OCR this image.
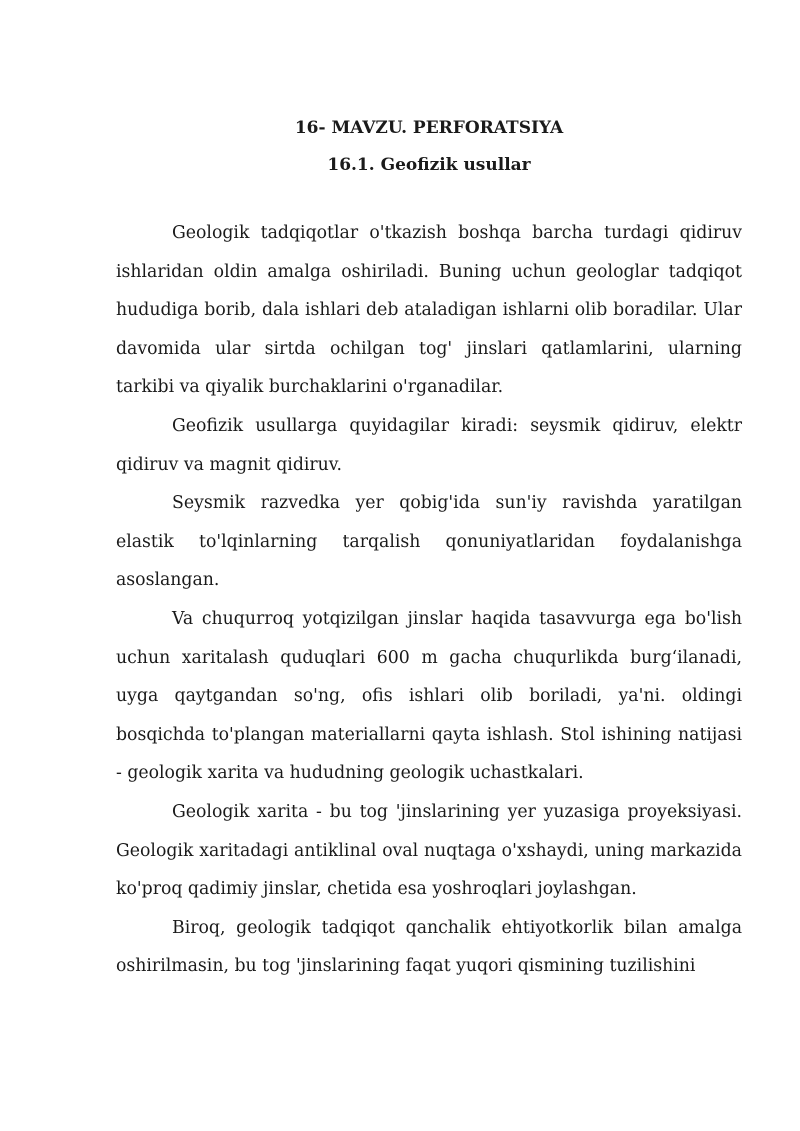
16- MAVZU. PERFORATSIYA
16.1. Geofizik usullar

Geologik tadqiqotlar o'tkazish boshqa barcha turdagi qidiruv ishlaridan oldin amalga oshiriladi. Buning uchun geologlar tadqiqot hududiga borib, dala ishlari deb ataladigan ishlarni olib boradilar. Ular davomida ular sirtda ochilgan tog' jinslari qatlamlarini, ularning tarkibi va qiyalik burchaklarini o'rganadilar.

Geofizik usullarga quyidagilar kiradi: seysmik qidiruv, elektr qidiruv va magnit qidiruv.

Seysmik razvedka yer qobig'ida sun'iy ravishda yaratilgan elastik to'lqinlarning tarqalish qonuniyatlaridan foydalanishga asoslangan.

Va chuqurroq yotqizilgan jinslar haqida tasavvurga ega bo'lish uchun xaritalash quduqlari 600 m gacha chuqurlikda burg‘ilanadi, uyga qaytgandan so'ng, ofis ishlari olib boriladi, ya'ni. oldingi bosqichda to'plangan materiallarni qayta ishlash. Stol ishining natijasi - geologik xarita va hududning geologik uchastkalari.

Geologik xarita - bu tog 'jinslarining yer yuzasiga proyeksiyasi. Geologik xaritadagi antiklinal oval nuqtaga o'xshaydi, uning markazida ko'proq qadimiy jinslar, chetida esa yoshroqlari joylashgan.

Biroq, geologik tadqiqot qanchalik ehtiyotkorlik bilan amalga oshirilmasin, bu tog 'jinslarining faqat yuqori qismining tuzilishini
